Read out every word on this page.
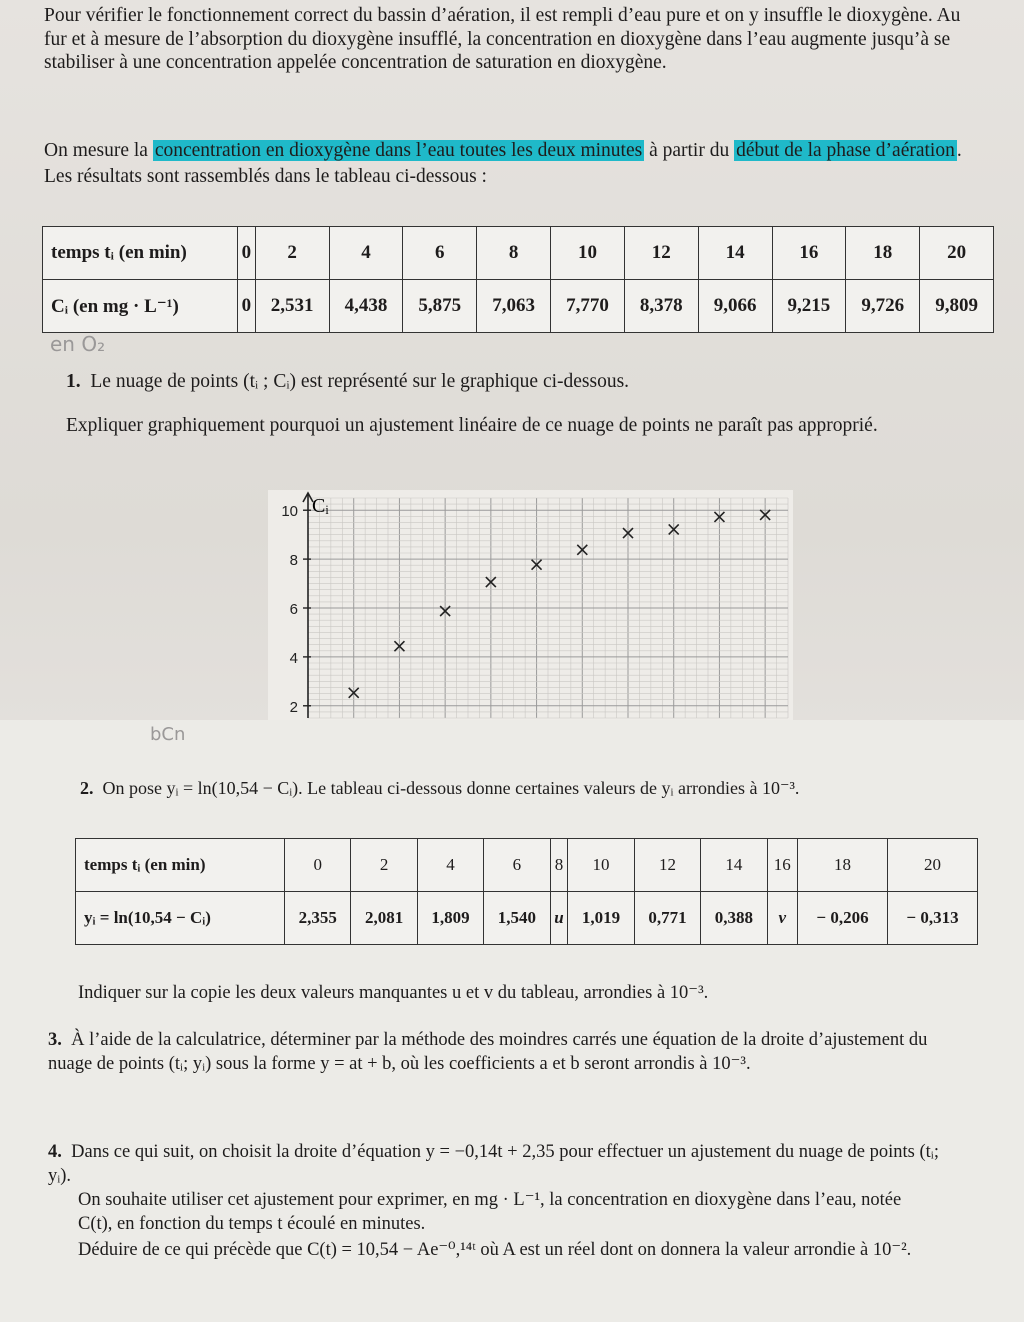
Pour vérifier le fonctionnement correct du bassin d’aération, il est rempli d’eau pure et on y insuffle le dioxygène. Au fur et à mesure de l’absorption du dioxygène insufflé, la concentration en dioxygène dans l’eau augmente jusqu’à se stabiliser à une concentration appelée concentration de saturation en dioxygène.

On mesure la concentration en dioxygène dans l’eau toutes les deux minutes à partir du début de la phase d’aération . Les résultats sont rassemblés dans le tableau ci-dessous :

temps tᵢ (en min)	0	2	4	6	8	10	12	14	16	18	20
Cᵢ (en mg · L⁻¹)	0	2,531	4,438	5,875	7,063	7,770	8,378	9,066	9,215	9,726	9,809
en O₂

1. Le nuage de points (tᵢ ; Cᵢ) est représenté sur le graphique ci-dessous.

Expliquer graphiquement pourquoi un ajustement linéaire de ce nuage de points ne paraît pas approprié.

2
4
6
8
10 Cᵢ
bCn

2. On pose yᵢ = ln(10,54 − Cᵢ). Le tableau ci-dessous donne certaines valeurs de yᵢ arrondies à 10⁻³.

temps tᵢ (en min)	0	2	4	6	8	10	12	14	16	18	20
yᵢ = ln(10,54 − Cᵢ)	2,355	2,081	1,809	1,540	u	1,019	0,771	0,388	v	− 0,206	− 0,313

Indiquer sur la copie les deux valeurs manquantes u et v du tableau, arrondies à 10⁻³.

3. À l’aide de la calculatrice, déterminer par la méthode des moindres carrés une équation de la droite d’ajustement du nuage de points (tᵢ; yᵢ) sous la forme y = at + b, où les coefficients a et b seront arrondis à 10⁻³.

4. Dans ce qui suit, on choisit la droite d’équation y = −0,14t + 2,35 pour effectuer un ajustement du nuage de points (tᵢ; yᵢ).

On souhaite utiliser cet ajustement pour exprimer, en mg · L⁻¹, la concentration en dioxygène dans l’eau, notée C(t), en fonction du temps t écoulé en minutes.

Déduire de ce qui précède que C(t) = 10,54 − Ae⁻⁰,¹⁴ᵗ où A est un réel dont on donnera la valeur arrondie à 10⁻².
